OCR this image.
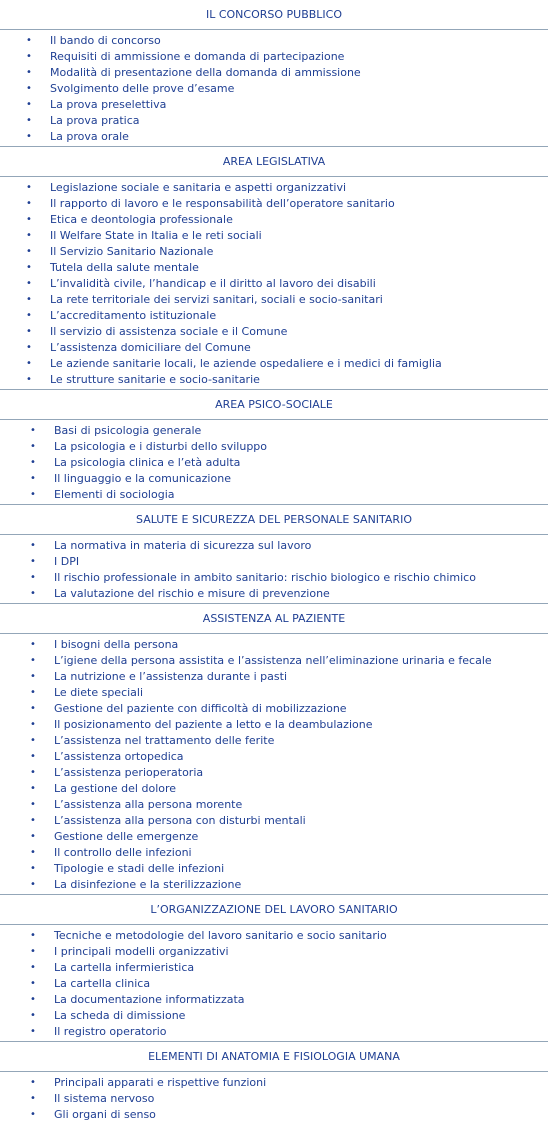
IL CONCORSO PUBBLICO
• Il bando di concorso
• Requisiti di ammissione e domanda di partecipazione
• Modalità di presentazione della domanda di ammissione
• Svolgimento delle prove d’esame
• La prova preselettiva
• La prova pratica
• La prova orale
AREA LEGISLATIVA
• Legislazione sociale e sanitaria e aspetti organizzativi
• Il rapporto di lavoro e le responsabilità dell’operatore sanitario
• Etica e deontologia professionale
• Il Welfare State in Italia e le reti sociali
• Il Servizio Sanitario Nazionale
• Tutela della salute mentale
• L’invalidità civile, l’handicap e il diritto al lavoro dei disabili
• La rete territoriale dei servizi sanitari, sociali e socio-sanitari
• L’accreditamento istituzionale
• Il servizio di assistenza sociale e il Comune
• L’assistenza domiciliare del Comune
• Le aziende sanitarie locali, le aziende ospedaliere e i medici di famiglia
• Le strutture sanitarie e socio-sanitarie
AREA PSICO-SOCIALE
• Basi di psicologia generale
• La psicologia e i disturbi dello sviluppo
• La psicologia clinica e l’età adulta
• Il linguaggio e la comunicazione
• Elementi di sociologia
SALUTE E SICUREZZA DEL PERSONALE SANITARIO
• La normativa in materia di sicurezza sul lavoro
• I DPI
• Il rischio professionale in ambito sanitario: rischio biologico e rischio chimico
• La valutazione del rischio e misure di prevenzione
ASSISTENZA AL PAZIENTE
• I bisogni della persona
• L’igiene della persona assistita e l’assistenza nell’eliminazione urinaria e fecale
• La nutrizione e l’assistenza durante i pasti
• Le diete speciali
• Gestione del paziente con difficoltà di mobilizzazione
• Il posizionamento del paziente a letto e la deambulazione
• L’assistenza nel trattamento delle ferite
• L’assistenza ortopedica
• L’assistenza perioperatoria
• La gestione del dolore
• L’assistenza alla persona morente
• L’assistenza alla persona con disturbi mentali
• Gestione delle emergenze
• Il controllo delle infezioni
• Tipologie e stadi delle infezioni
• La disinfezione e la sterilizzazione
L’ORGANIZZAZIONE DEL LAVORO SANITARIO
• Tecniche e metodologie del lavoro sanitario e socio sanitario
• I principali modelli organizzativi
• La cartella infermieristica
• La cartella clinica
• La documentazione informatizzata
• La scheda di dimissione
• Il registro operatorio
ELEMENTI DI ANATOMIA E FISIOLOGIA UMANA
• Principali apparati e rispettive funzioni
• Il sistema nervoso
• Gli organi di senso
